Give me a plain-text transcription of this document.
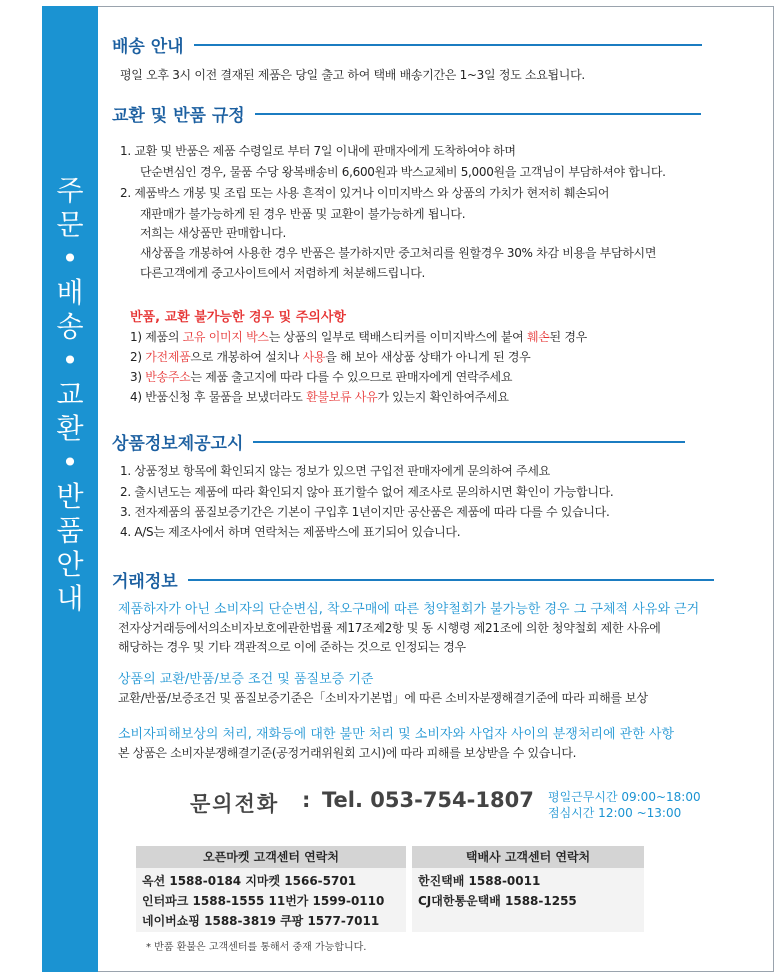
주
문
•
배
송
•
교
환
•
반
품
안
내
배송 안내
평일 오후 3시 이전 결재된 제품은 당일 출고 하여 택배 배송기간은 1~3일 정도 소요됩니다.
교환 및 반품 규정
1. 교환 및 반품은 제품 수령일로 부터 7일 이내에 판매자에게 도착하여야 하며
단순변심인 경우, 물품 수당 왕복배송비 6,600원과 박스교체비 5,000원을 고객님이 부담하셔야 합니다.
2. 제품박스 개봉 및 조립 또는 사용 흔적이 있거나 이미지박스 와 상품의 가치가 현저히 훼손되어
재판매가 불가능하게 된 경우 반품 및 교환이 불가능하게 됩니다.
저희는 새상품만 판매합니다.
새상품을 개봉하여 사용한 경우 반품은 불가하지만 중고처리를 원할경우 30% 차감 비용을 부담하시면
다른고객에게 중고사이트에서 저렴하게 처분해드립니다.
반품, 교환 불가능한 경우 및 주의사항
1) 제품의 고유 이미지 박스는 상품의 일부로 택배스티커를 이미지박스에 붙여 훼손된 경우
2) 가전제품으로 개봉하여 설치나 사용을 해 보아 새상품 상태가 아니게 된 경우
3) 반송주소는 제품 출고지에 따라 다를 수 있으므로 판매자에게 연락주세요
4) 반품신청 후 물품을 보냈더라도 환불보류 사유가 있는지 확인하여주세요
상품정보제공고시
1. 상품정보 항목에 확인되지 않는 정보가 있으면 구입전 판매자에게 문의하여 주세요
2. 출시년도는 제품에 따라 확인되지 않아 표기할수 없어 제조사로 문의하시면 확인이 가능합니다.
3. 전자제품의 품질보증기간은 기본이 구입후 1년이지만 공산품은 제품에 따라 다를 수 있습니다.
4. A/S는 제조사에서 하며 연락처는 제품박스에 표기되어 있습니다.
거래정보
제품하자가 아닌 소비자의 단순변심, 착오구매에 따른 청약철회가 불가능한 경우 그 구체적 사유와 근거
전자상거래등에서의소비자보호에관한법률 제17조제2항 및 동 시행령 제21조에 의한 청약철회 제한 사유에
해당하는 경우 및 기타 객관적으로 이에 준하는 것으로 인정되는 경우
상품의 교환/반품/보증 조건 및 품질보증 기준
교환/반품/보증조건 및 품질보증기준은「소비자기본법」에 따른 소비자분쟁해결기준에 따라 피해를 보상
소비자피해보상의 처리, 재화등에 대한 불만 처리 및 소비자와 사업자 사이의 분쟁처리에 관한 사항
본 상품은 소비자분쟁해결기준(공정거래위원회 고시)에 따라 피해를 보상받을 수 있습니다.
문의전화 : Tel. 053-754-1807 평일근무시간 09:00~18:00
점심시간 12:00 ~13:00
오픈마켓 고객센터 연락처
옥션 1588-0184 지마켓 1566-5701
인터파크 1588-1555 11번가 1599-0110
네이버쇼핑 1588-3819 쿠팡 1577-7011
택배사 고객센터 연락처
한진택배 1588-0011
CJ대한통운택배 1588-1255
* 반품 환불은 고객센터를 통해서 중재 가능합니다.
